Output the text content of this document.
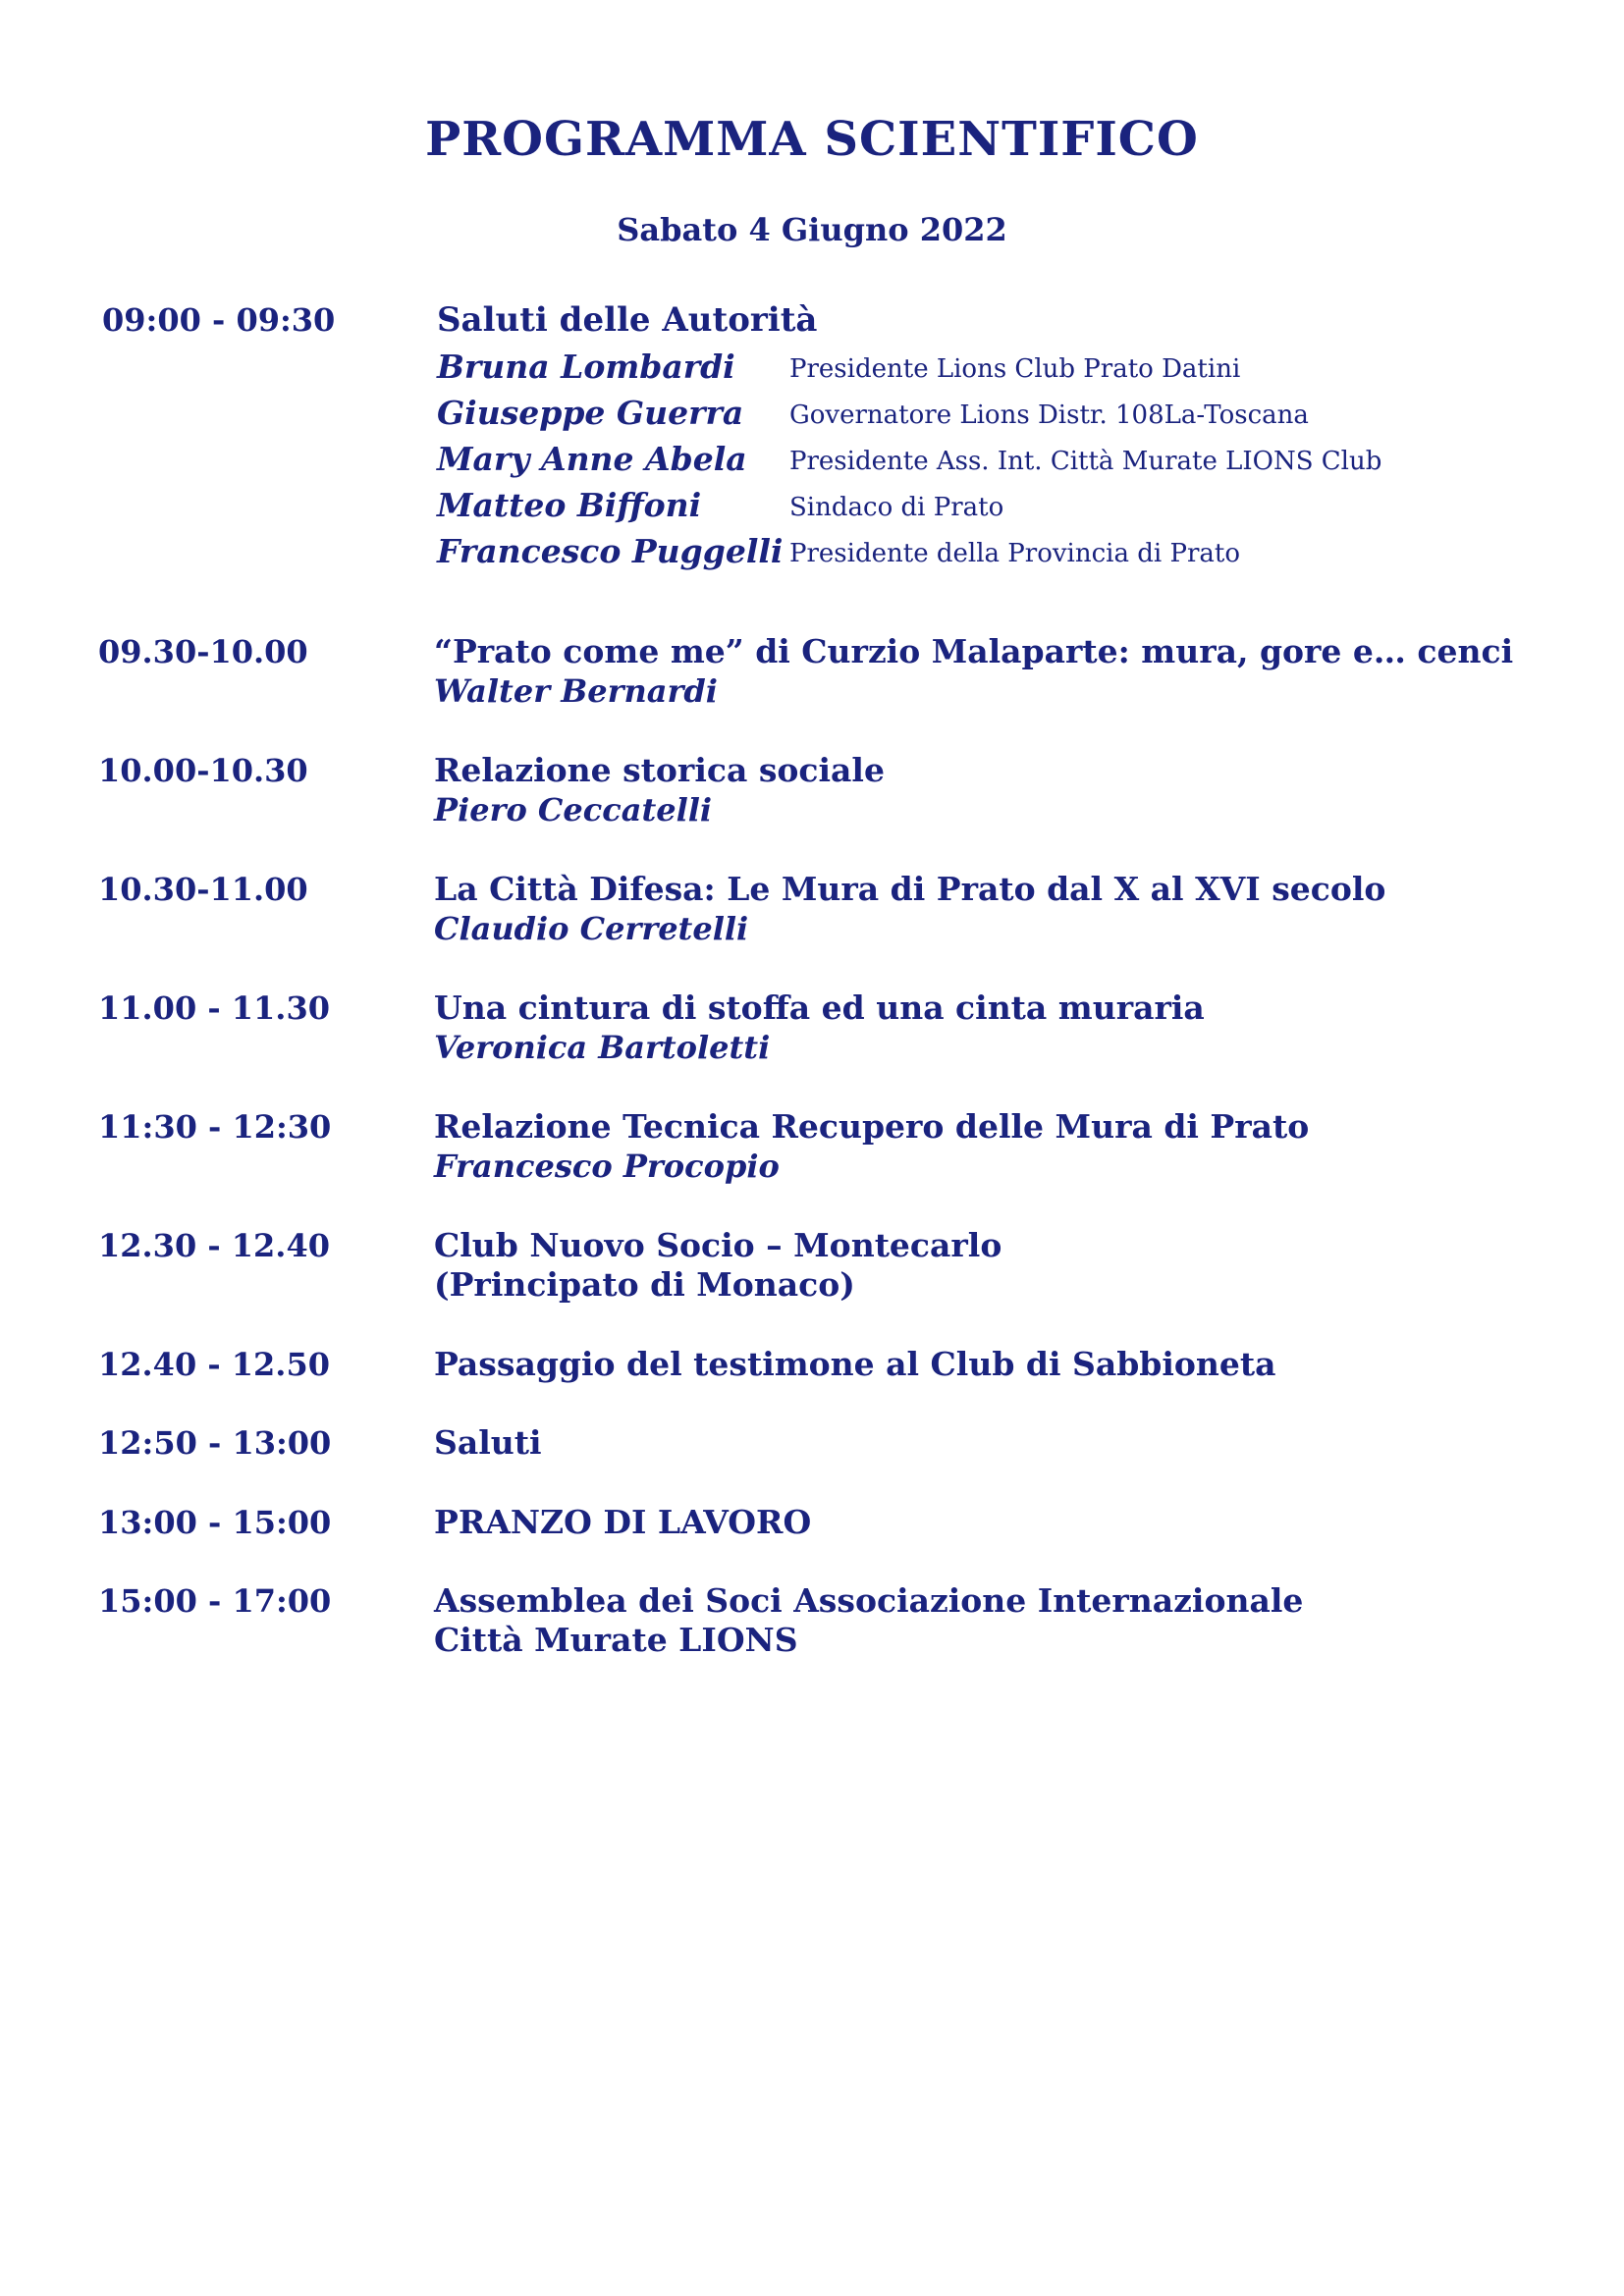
PROGRAMMA SCIENTIFICO
Sabato 4 Giugno 2022
09:00 - 09:30	Saluti delle Autorità
Bruna Lombardi Presidente Lions Club Prato Datini
Giuseppe Guerra Governatore Lions Distr. 108La-Toscana
Mary Anne Abela Presidente Ass. Int. Città Murate LIONS Club
Matteo Biffoni	Sindaco di Prato
Francesco Puggelli Presidente della Provincia di Prato
09.30-10.00	“Prato come me” di Curzio Malaparte: mura, gore e… cenci
Walter Bernardi
10.00-10.30	Relazione storica sociale
Piero Ceccatelli
10.30-11.00	La Città Difesa: Le Mura di Prato dal X al XVI secolo
Claudio Cerretelli
11.00 - 11.30	Una cintura di stoffa ed una cinta muraria
Veronica Bartoletti
11:30 - 12:30	Relazione Tecnica Recupero delle Mura di Prato
Francesco Procopio
12.30 - 12.40	Club Nuovo Socio – Montecarlo
(Principato di Monaco)
12.40 - 12.50	Passaggio del testimone al Club di Sabbioneta
12:50 - 13:00	Saluti
13:00 - 15:00	PRANZO DI LAVORO
15:00 - 17:00	Assemblea dei Soci Associazione Internazionale
Città Murate LIONS
